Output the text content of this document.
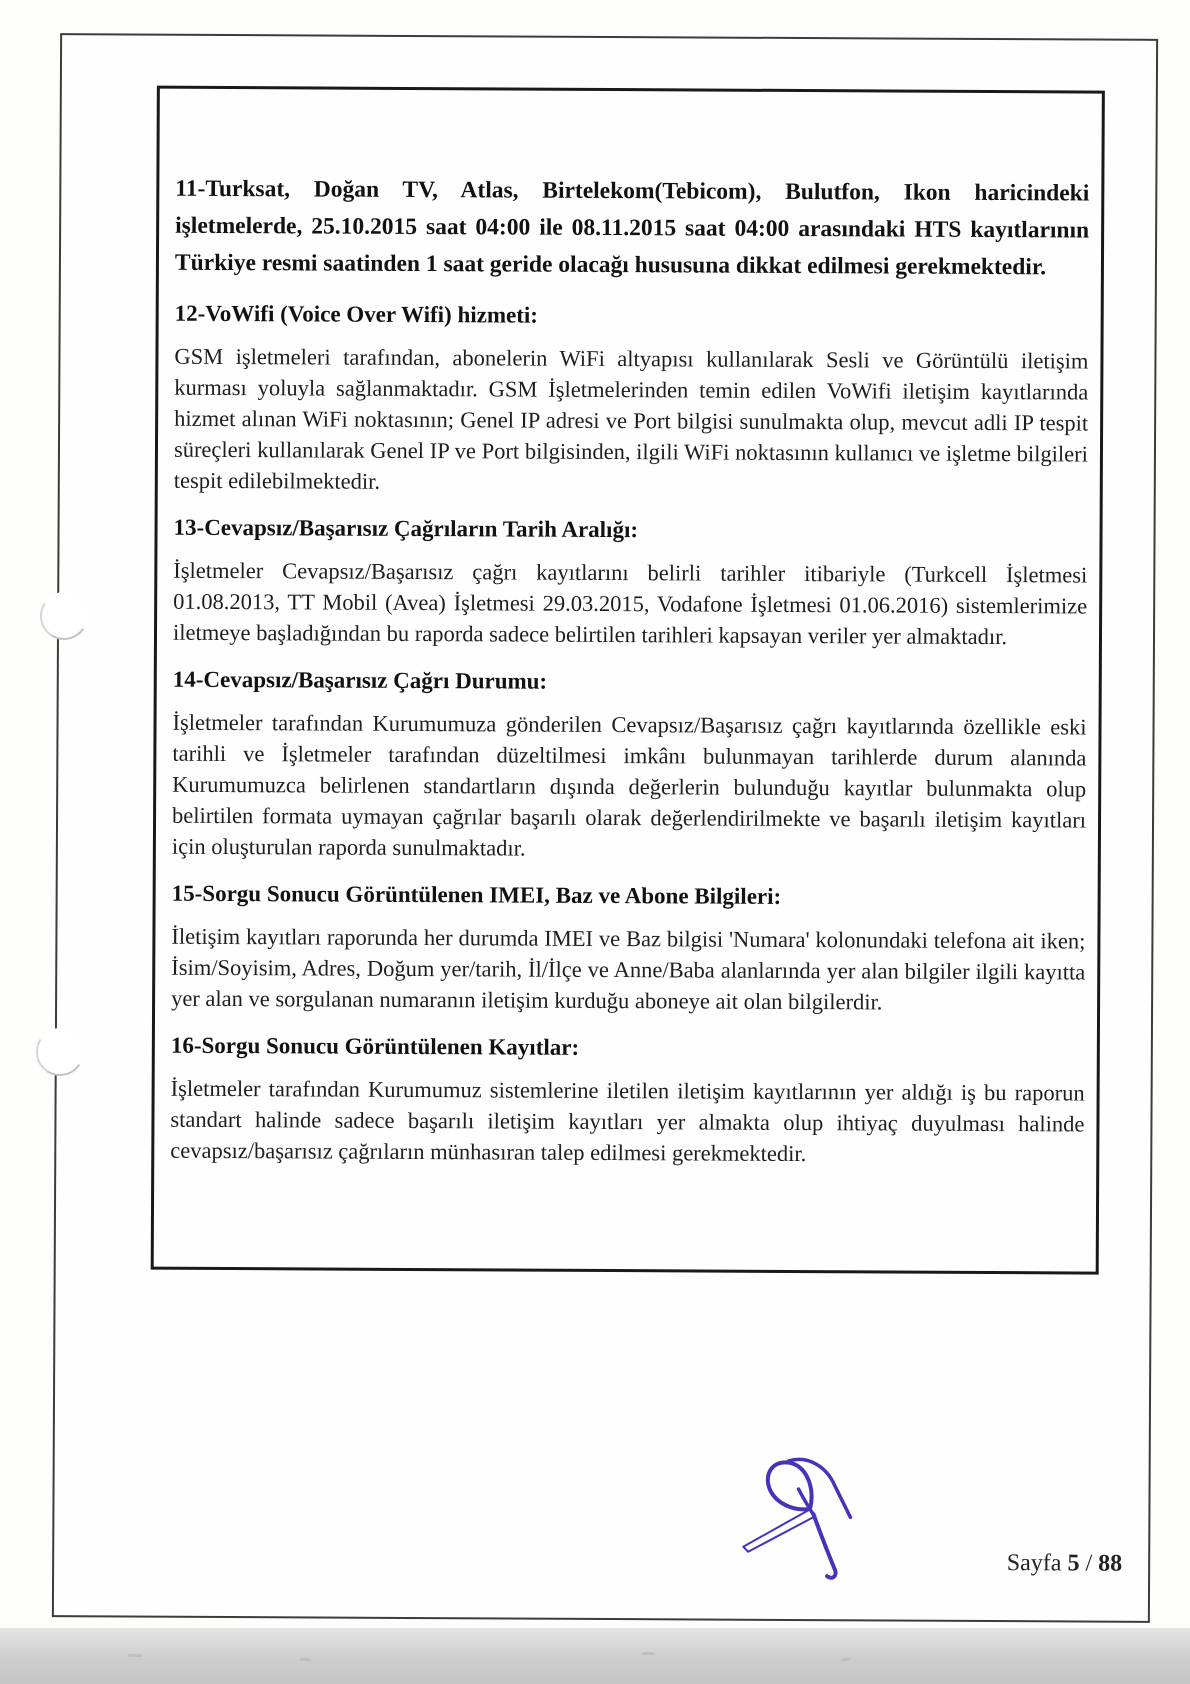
11-Turksat, Doğan TV, Atlas, Birtelekom(Tebicom), Bulutfon, Ikon haricindeki işletmelerde, 25.10.2015 saat 04:00 ile 08.11.2015 saat 04:00 arasındaki HTS kayıtlarının Türkiye resmi saatinden 1 saat geride olacağı hususuna dikkat edilmesi gerekmektedir.

12-VoWifi (Voice Over Wifi) hizmeti:

GSM işletmeleri tarafından, abonelerin WiFi altyapısı kullanılarak Sesli ve Görüntülü iletişim kurması yoluyla sağlanmaktadır. GSM İşletmelerinden temin edilen VoWifi iletişim kayıtlarında hizmet alınan WiFi noktasının; Genel IP adresi ve Port bilgisi sunulmakta olup, mevcut adli IP tespit süreçleri kullanılarak Genel IP ve Port bilgisinden, ilgili WiFi noktasının kullanıcı ve işletme bilgileri tespit edilebilmektedir.

13-Cevapsız/Başarısız Çağrıların Tarih Aralığı:

İşletmeler Cevapsız/Başarısız çağrı kayıtlarını belirli tarihler itibariyle (Turkcell İşletmesi 01.08.2013, TT Mobil (Avea) İşletmesi 29.03.2015, Vodafone İşletmesi 01.06.2016) sistemlerimize iletmeye başladığından bu raporda sadece belirtilen tarihleri kapsayan veriler yer almaktadır.

14-Cevapsız/Başarısız Çağrı Durumu:

İşletmeler tarafından Kurumumuza gönderilen Cevapsız/Başarısız çağrı kayıtlarında özellikle eski tarihli ve İşletmeler tarafından düzeltilmesi imkânı bulunmayan tarihlerde durum alanında Kurumumuzca belirlenen standartların dışında değerlerin bulunduğu kayıtlar bulunmakta olup belirtilen formata uymayan çağrılar başarılı olarak değerlendirilmekte ve başarılı iletişim kayıtları için oluşturulan raporda sunulmaktadır.

15-Sorgu Sonucu Görüntülenen IMEI, Baz ve Abone Bilgileri:

İletişim kayıtları raporunda her durumda IMEI ve Baz bilgisi 'Numara' kolonundaki telefona ait iken; İsim/Soyisim, Adres, Doğum yer/tarih, İl/İlçe ve Anne/Baba alanlarında yer alan bilgiler ilgili kayıtta yer alan ve sorgulanan numaranın iletişim kurduğu aboneye ait olan bilgilerdir.

16-Sorgu Sonucu Görüntülenen Kayıtlar:

İşletmeler tarafından Kurumumuz sistemlerine iletilen iletişim kayıtlarının yer aldığı iş bu raporun standart halinde sadece başarılı iletişim kayıtları yer almakta olup ihtiyaç duyulması halinde cevapsız/başarısız çağrıların münhasıran talep edilmesi gerekmektedir.

Sayfa 5 / 88
